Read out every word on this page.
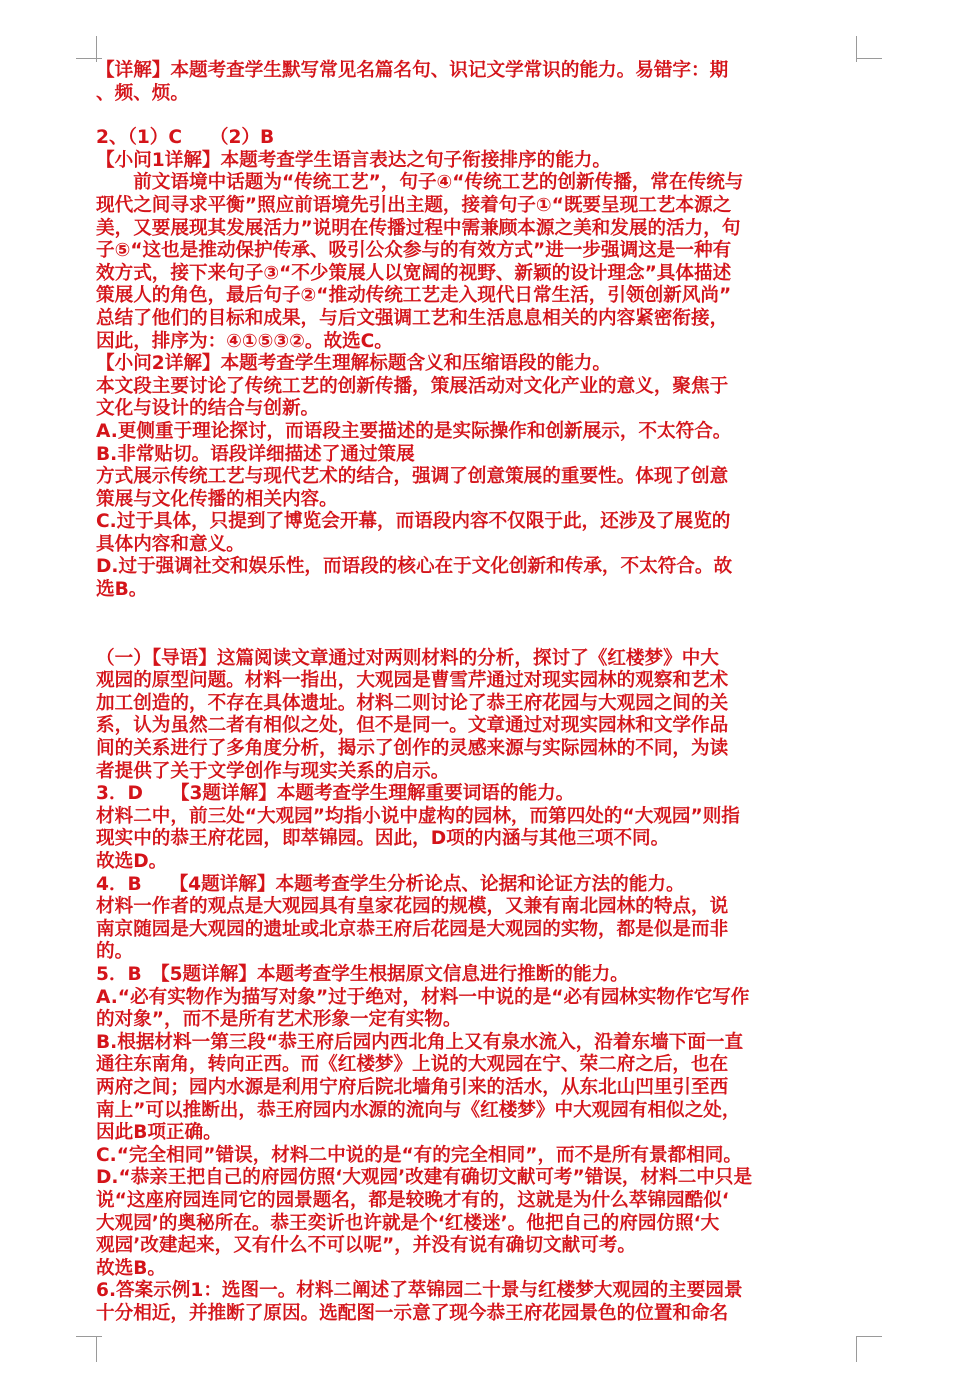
【详解】本题考查学生默写常见名篇名句、识记文学常识的能力。易错字：期

、频、烦。

2、（1）C　　（2）B

【小问1详解】本题考查学生语言表达之句子衔接排序的能力。

　　前文语境中话题为“传统工艺”，句子④“传统工艺的创新传播，常在传统与

现代之间寻求平衡”照应前语境先引出主题，接着句子①“既要呈现工艺本源之

美，又要展现其发展活力”说明在传播过程中需兼顾本源之美和发展的活力，句

子⑤“这也是推动保护传承、吸引公众参与的有效方式”进一步强调这是一种有

效方式，接下来句子③“不少策展人以宽阔的视野、新颖的设计理念”具体描述

策展人的角色，最后句子②“推动传统工艺走入现代日常生活，引领创新风尚”

总结了他们的目标和成果，与后文强调工艺和生活息息相关的内容紧密衔接，

因此，排序为：④①⑤③②。故选C。

【小问2详解】本题考查学生理解标题含义和压缩语段的能力。

本文段主要讨论了传统工艺的创新传播，策展活动对文化产业的意义，聚焦于

文化与设计的结合与创新。

A.更侧重于理论探讨，而语段主要描述的是实际操作和创新展示，不太符合。

B.非常贴切。语段详细描述了通过策展

方式展示传统工艺与现代艺术的结合，强调了创意策展的重要性。体现了创意

策展与文化传播的相关内容。

C.过于具体，只提到了博览会开幕，而语段内容不仅限于此，还涉及了展览的

具体内容和意义。

D.过于强调社交和娱乐性，而语段的核心在于文化创新和传承，不太符合。故

选B。

（一）【导语】这篇阅读文章通过对两则材料的分析，探讨了《红楼梦》中大

观园的原型问题。材料一指出，大观园是曹雪芹通过对现实园林的观察和艺术

加工创造的，不存在具体遗址。材料二则讨论了恭王府花园与大观园之间的关

系，认为虽然二者有相似之处，但不是同一。文章通过对现实园林和文学作品

间的关系进行了多角度分析，揭示了创作的灵感来源与实际园林的不同，为读

者提供了关于文学创作与现实关系的启示。

3．D　　【3题详解】本题考查学生理解重要词语的能力。

材料二中，前三处“大观园”均指小说中虚构的园林，而第四处的“大观园”则指

现实中的恭王府花园，即萃锦园。因此，D项的内涵与其他三项不同。

故选D。

4．B　　【4题详解】本题考查学生分析论点、论据和论证方法的能力。

材料一作者的观点是大观园具有皇家花园的规模，又兼有南北园林的特点，说

南京随园是大观园的遗址或北京恭王府后花园是大观园的实物，都是似是而非

的。

5．B　【5题详解】本题考查学生根据原文信息进行推断的能力。

A.“必有实物作为描写对象”过于绝对，材料一中说的是“必有园林实物作它写作

的对象”，而不是所有艺术形象一定有实物。

B.根据材料一第三段“恭王府后园内西北角上又有泉水流入，沿着东墙下面一直

通往东南角，转向正西。而《红楼梦》上说的大观园在宁、荣二府之后，也在

两府之间；园内水源是利用宁府后院北墙角引来的活水，从东北山凹里引至西

南上”可以推断出，恭王府园内水源的流向与《红楼梦》中大观园有相似之处，

因此B项正确。

C.“完全相同”错误，材料二中说的是“有的完全相同”，而不是所有景都相同。

D.“恭亲王把自己的府园仿照‘大观园’改建有确切文献可考”错误，材料二中只是

说“这座府园连同它的园景题名，都是较晚才有的，这就是为什么萃锦园酷似‘

大观园’的奥秘所在。恭王奕䜣也许就是个‘红楼迷’。他把自己的府园仿照‘大

观园’改建起来，又有什么不可以呢”，并没有说有确切文献可考。

故选B。

6.答案示例1：选图一。材料二阐述了萃锦园二十景与红楼梦大观园的主要园景

十分相近，并推断了原因。选配图一示意了现今恭王府花园景色的位置和命名
